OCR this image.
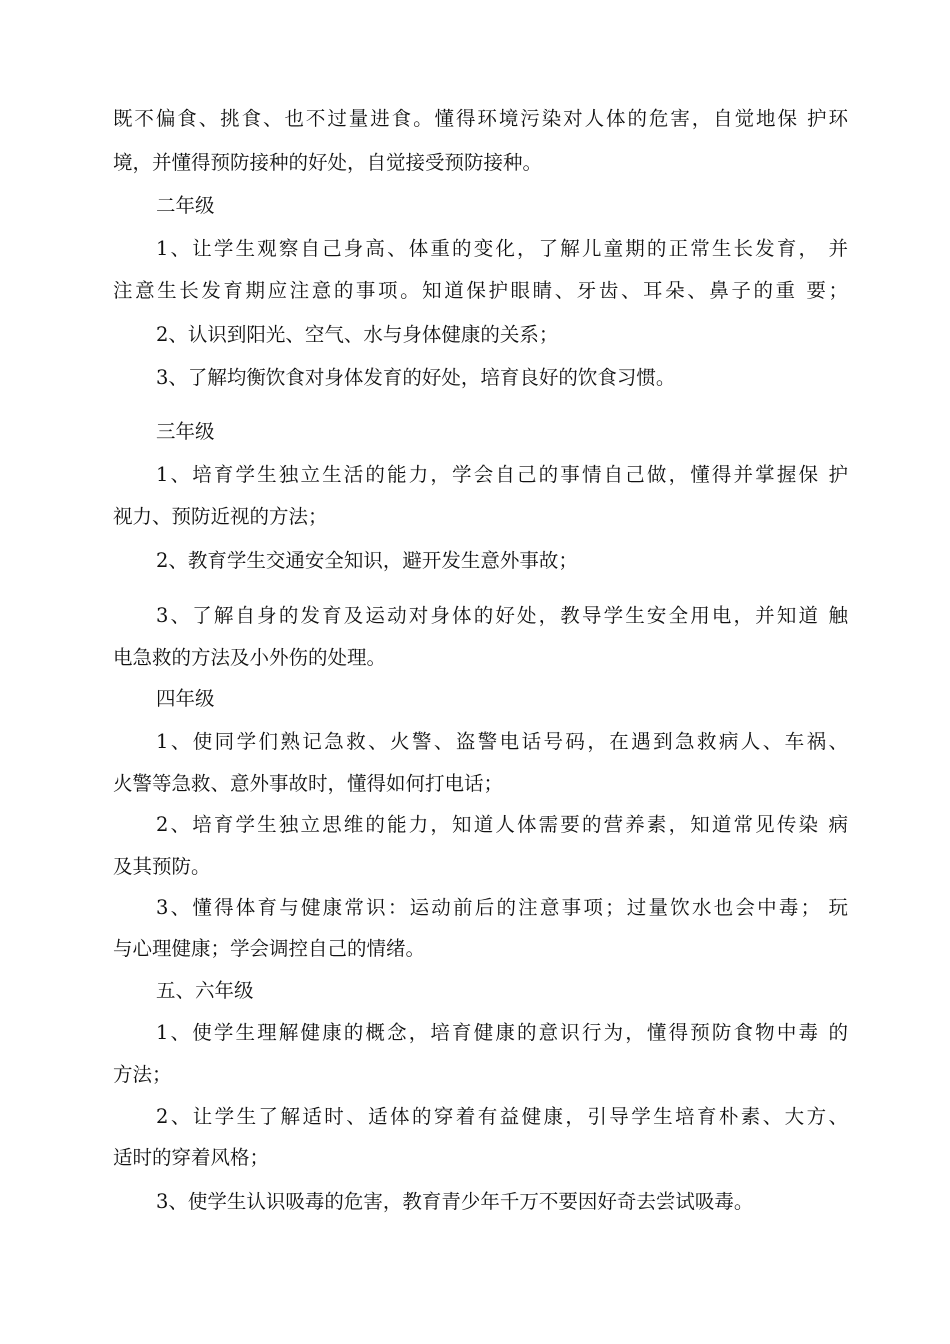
既不偏食、挑食、也不过量进食。懂得环境污染对人体的危害，自觉地保 护环
境，并懂得预防接种的好处，自觉接受预防接种。
二年级
1、让学生观察自己身高、体重的变化，了解儿童期的正常生长发育， 并
注意生长发育期应注意的事项。知道保护眼睛、牙齿、耳朵、鼻子的重 要；
2、认识到阳光、空气、水与身体健康的关系；
3、了解均衡饮食对身体发育的好处，培育良好的饮食习惯。
三年级
1、培育学生独立生活的能力，学会自己的事情自己做，懂得并掌握保 护
视力、预防近视的方法；
2、教育学生交通安全知识，避开发生意外事故；
3、了解自身的发育及运动对身体的好处，教导学生安全用电，并知道 触
电急救的方法及小外伤的处理。
四年级
1、使同学们熟记急救、火警、盗警电话号码，在遇到急救病人、车祸、
火警等急救、意外事故时，懂得如何打电话；
2、培育学生独立思维的能力，知道人体需要的营养素，知道常见传染 病
及其预防。
3、懂得体育与健康常识：运动前后的注意事项；过量饮水也会中毒； 玩
与心理健康；学会调控自己的情绪。
五、六年级
1、使学生理解健康的概念，培育健康的意识行为，懂得预防食物中毒 的
方法；
2、让学生了解适时、适体的穿着有益健康，引导学生培育朴素、大方、
适时的穿着风格；
3、使学生认识吸毒的危害，教育青少年千万不要因好奇去尝试吸毒。
